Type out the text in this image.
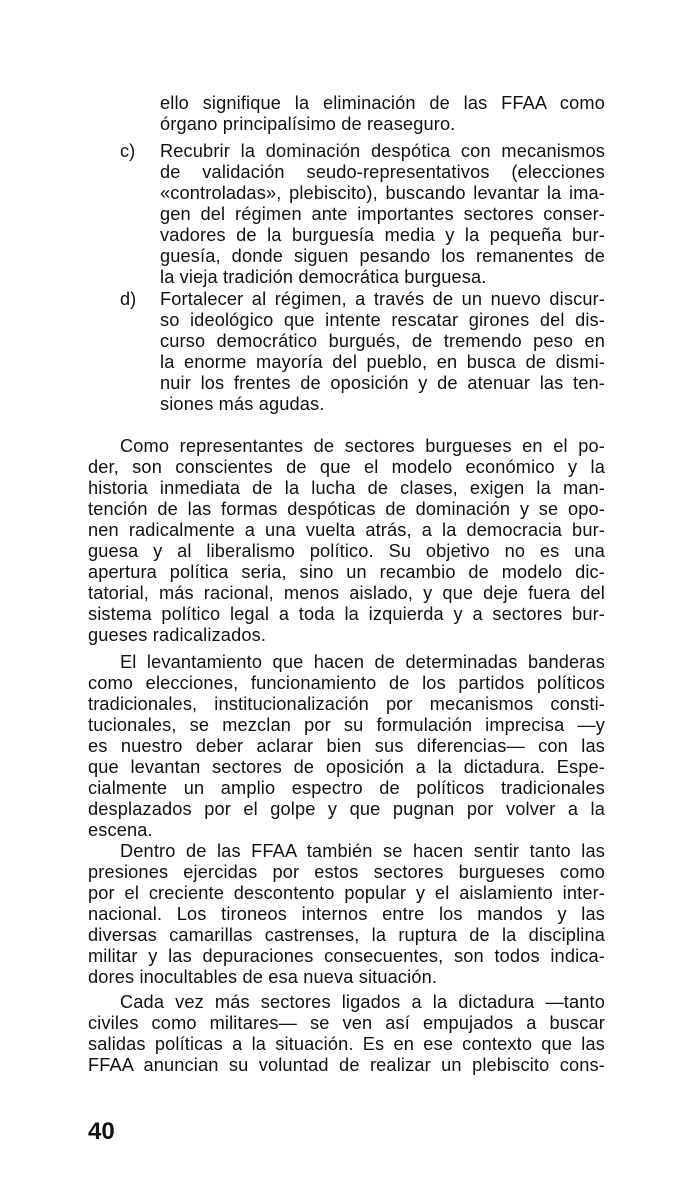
ello signifique la eliminación de las FFAA como
órgano principalísimo de reaseguro.
c) Recubrir la dominación despótica con mecanismos
de validación seudo-representativos (elecciones
«controladas», plebiscito), buscando levantar la ima-
gen del régimen ante importantes sectores conser-
vadores de la burguesía media y la pequeña bur-
guesía, donde siguen pesando los remanentes de
la vieja tradición democrática burguesa.
d) Fortalecer al régimen, a través de un nuevo discur-
so ideológico que intente rescatar girones del dis-
curso democrático burgués, de tremendo peso en
la enorme mayoría del pueblo, en busca de dismi-
nuir los frentes de oposición y de atenuar las ten-
siones más agudas.
Como representantes de sectores burgueses en el po-
der, son conscientes de que el modelo económico y la
historia inmediata de la lucha de clases, exigen la man-
tención de las formas despóticas de dominación y se opo-
nen radicalmente a una vuelta atrás, a la democracia bur-
guesa y al liberalismo político. Su objetivo no es una
apertura política seria, sino un recambio de modelo dic-
tatorial, más racional, menos aislado, y que deje fuera del
sistema político legal a toda la izquierda y a sectores bur-
gueses radicalizados.
El levantamiento que hacen de determinadas banderas
como elecciones, funcionamiento de los partidos políticos
tradicionales, institucionalización por mecanismos consti-
tucionales, se mezclan por su formulación imprecisa —y
es nuestro deber aclarar bien sus diferencias— con las
que levantan sectores de oposición a la dictadura. Espe-
cialmente un amplio espectro de políticos tradicionales
desplazados por el golpe y que pugnan por volver a la
escena.
Dentro de las FFAA también se hacen sentir tanto las
presiones ejercidas por estos sectores burgueses como
por el creciente descontento popular y el aislamiento inter-
nacional. Los tironeos internos entre los mandos y las
diversas camarillas castrenses, la ruptura de la disciplina
militar y las depuraciones consecuentes, son todos indica-
dores inocultables de esa nueva situación.
Cada vez más sectores ligados a la dictadura —tanto
civiles como militares— se ven así empujados a buscar
salidas políticas a la situación. Es en ese contexto que las
FFAA anuncian su voluntad de realizar un plebiscito cons-
40
